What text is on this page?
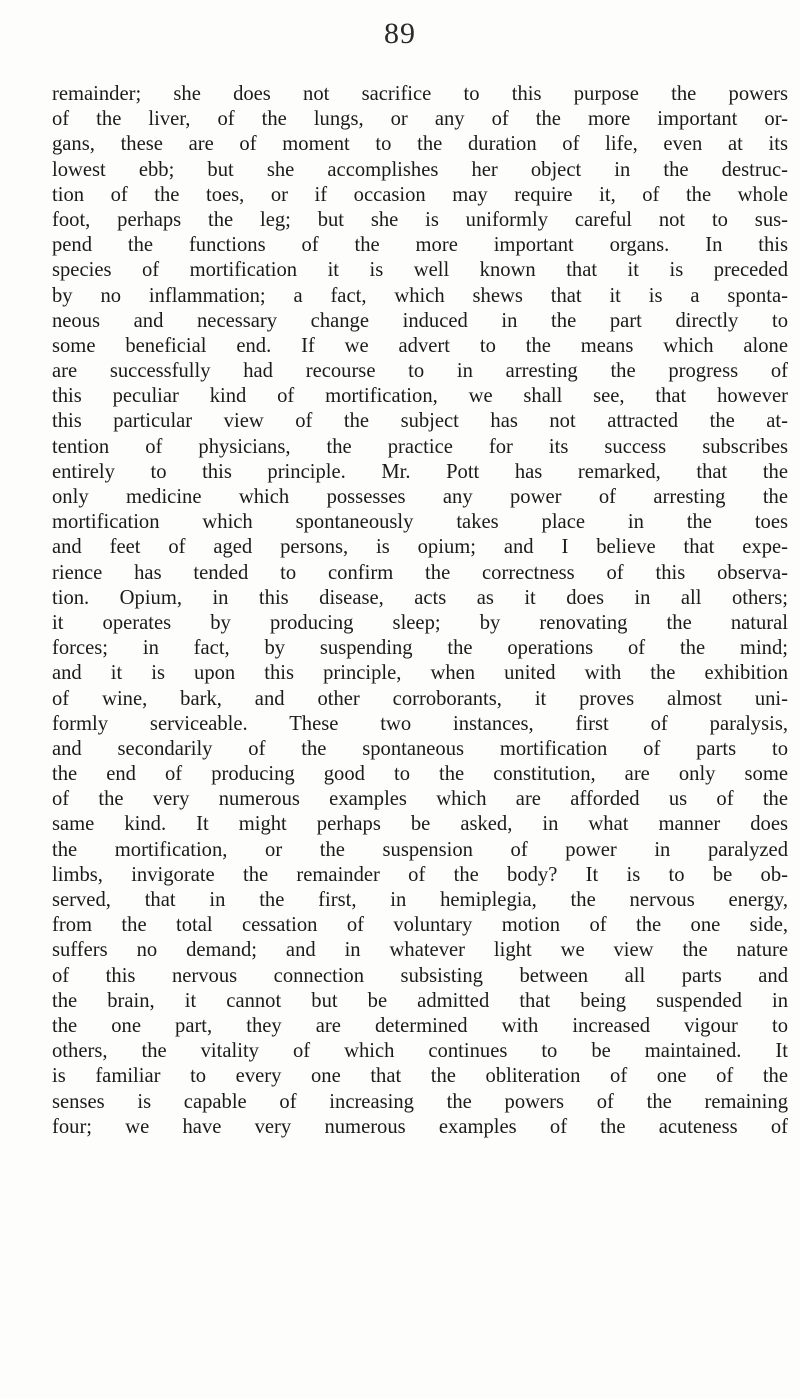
89
remainder; she does not sacrifice to this purpose the powers
of the liver, of the lungs, or any of the more important or-
gans, these are of moment to the duration of life, even at its
lowest ebb; but she accomplishes her object in the destruc-
tion of the toes, or if occasion may require it, of the whole
foot, perhaps the leg; but she is uniformly careful not to sus-
pend the functions of the more important organs. In this
species of mortification it is well known that it is preceded
by no inflammation; a fact, which shews that it is a sponta-
neous and necessary change induced in the part directly to
some beneficial end. If we advert to the means which alone
are successfully had recourse to in arresting the progress of
this peculiar kind of mortification, we shall see, that however
this particular view of the subject has not attracted the at-
tention of physicians, the practice for its success subscribes
entirely to this principle. Mr. Pott has remarked, that the
only medicine which possesses any power of arresting the
mortification which spontaneously takes place in the toes
and feet of aged persons, is opium; and I believe that expe-
rience has tended to confirm the correctness of this observa-
tion. Opium, in this disease, acts as it does in all others;
it operates by producing sleep; by renovating the natural
forces; in fact, by suspending the operations of the mind;
and it is upon this principle, when united with the exhibition
of wine, bark, and other corroborants, it proves almost uni-
formly serviceable. These two instances, first of paralysis,
and secondarily of the spontaneous mortification of parts to
the end of producing good to the constitution, are only some
of the very numerous examples which are afforded us of the
same kind. It might perhaps be asked, in what manner does
the mortification, or the suspension of power in paralyzed
limbs, invigorate the remainder of the body? It is to be ob-
served, that in the first, in hemiplegia, the nervous energy,
from the total cessation of voluntary motion of the one side,
suffers no demand; and in whatever light we view the nature
of this nervous connection subsisting between all parts and
the brain, it cannot but be admitted that being suspended in
the one part, they are determined with increased vigour to
others, the vitality of which continues to be maintained. It
is familiar to every one that the obliteration of one of the
senses is capable of increasing the powers of the remaining
four; we have very numerous examples of the acuteness of
